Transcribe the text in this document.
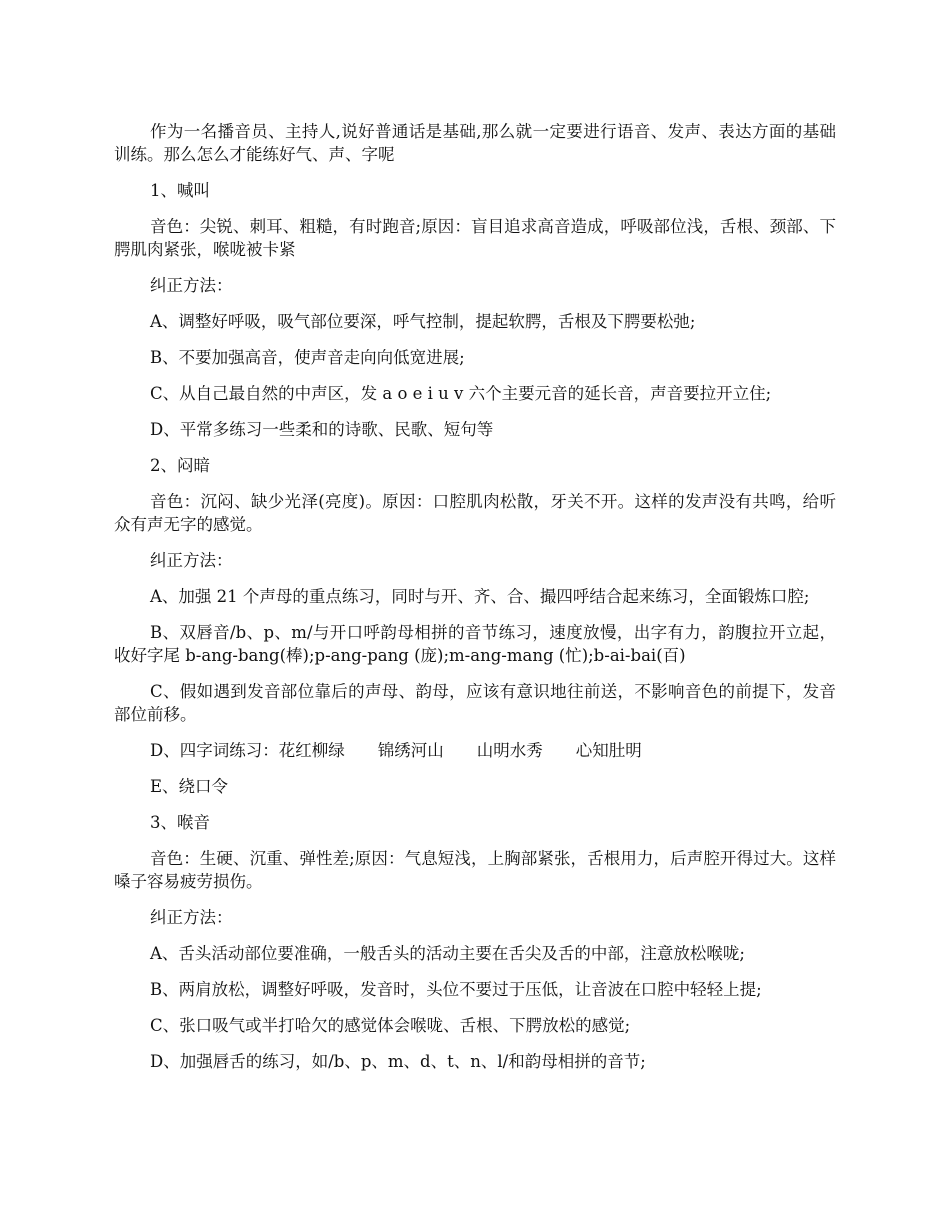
作为一名播音员、主持人,说好普通话是基础,那么就一定要进行语音、发声、表达方面的基础训练。那么怎么才能练好气、声、字呢

1、喊叫

音色：尖锐、刺耳、粗糙，有时跑音;原因：盲目追求高音造成，呼吸部位浅，舌根、颈部、下腭肌肉紧张，喉咙被卡紧

纠正方法：

A、调整好呼吸，吸气部位要深，呼气控制，提起软腭，舌根及下腭要松弛;

B、不要加强高音，使声音走向向低宽进展;

C、从自己最自然的中声区，发 a o e i u v 六个主要元音的延长音，声音要拉开立住;

D、平常多练习一些柔和的诗歌、民歌、短句等

2、闷暗

音色：沉闷、缺少光泽(亮度)。原因：口腔肌肉松散，牙关不开。这样的发声没有共鸣，给听众有声无字的感觉。

纠正方法：

A、加强 21 个声母的重点练习，同时与开、齐、合、撮四呼结合起来练习，全面锻炼口腔;

B、双唇音/b、p、m/与开口呼韵母相拼的音节练习，速度放慢，出字有力，韵腹拉开立起，收好字尾 b-ang-bang(棒);p-ang-pang (庞);m-ang-mang (忙);b-ai-bai(百)

C、假如遇到发音部位靠后的声母、韵母，应该有意识地往前送，不影响音色的前提下，发音部位前移。

D、四字词练习：花红柳绿　　锦绣河山　　山明水秀　　心知肚明

E、绕口令

3、喉音

音色：生硬、沉重、弹性差;原因：气息短浅，上胸部紧张，舌根用力，后声腔开得过大。这样嗓子容易疲劳损伤。

纠正方法：

A、舌头活动部位要准确，一般舌头的活动主要在舌尖及舌的中部，注意放松喉咙;

B、两肩放松，调整好呼吸，发音时，头位不要过于压低，让音波在口腔中轻轻上提;

C、张口吸气或半打哈欠的感觉体会喉咙、舌根、下腭放松的感觉;

D、加强唇舌的练习，如/b、p、m、d、t、n、l/和韵母相拼的音节;
